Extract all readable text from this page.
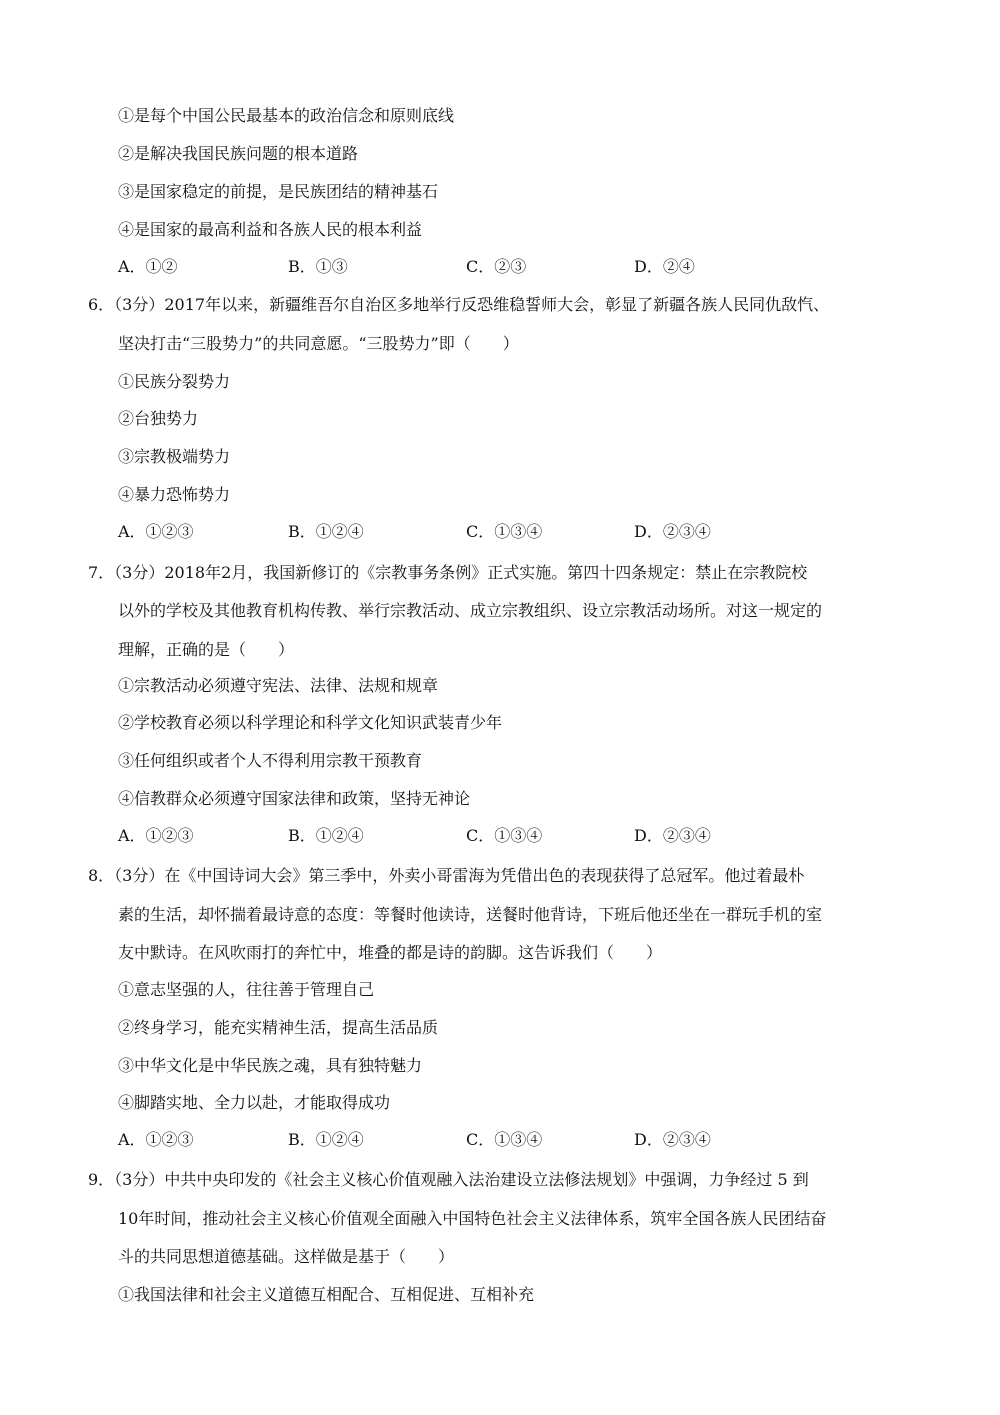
①是每个中国公民最基本的政治信念和原则底线
②是解决我国民族问题的根本道路
③是国家稳定的前提，是民族团结的精神基石
④是国家的最高利益和各族人民的根本利益
A．①②	B．①③	C．②③	D．②④
6．（3分）2017年以来，新疆维吾尔自治区多地举行反恐维稳誓师大会，彰显了新疆各族人民同仇敌忾、
坚决打击“三股势力”的共同意愿。“三股势力”即（　　）
①民族分裂势力
②台独势力
③宗教极端势力
④暴力恐怖势力
A．①②③	B．①②④	C．①③④	D．②③④
7．（3分）2018年2月，我国新修订的《宗教事务条例》正式实施。第四十四条规定：禁止在宗教院校
以外的学校及其他教育机构传教、举行宗教活动、成立宗教组织、设立宗教活动场所。对这一规定的
理解，正确的是（　　）
①宗教活动必须遵守宪法、法律、法规和规章
②学校教育必须以科学理论和科学文化知识武装青少年
③任何组织或者个人不得利用宗教干预教育
④信教群众必须遵守国家法律和政策，坚持无神论
A．①②③	B．①②④	C．①③④	D．②③④
8．（3分）在《中国诗词大会》第三季中，外卖小哥雷海为凭借出色的表现获得了总冠军。他过着最朴
素的生活，却怀揣着最诗意的态度：等餐时他读诗，送餐时他背诗，下班后他还坐在一群玩手机的室
友中默诗。在风吹雨打的奔忙中，堆叠的都是诗的韵脚。这告诉我们（　　）
①意志坚强的人，往往善于管理自己
②终身学习，能充实精神生活，提高生活品质
③中华文化是中华民族之魂，具有独特魅力
④脚踏实地、全力以赴，才能取得成功
A．①②③	B．①②④	C．①③④	D．②③④
9．（3分）中共中央印发的《社会主义核心价值观融入法治建设立法修法规划》中强调，力争经过 5 到
10年时间，推动社会主义核心价值观全面融入中国特色社会主义法律体系，筑牢全国各族人民团结奋
斗的共同思想道德基础。这样做是基于（　　）
①我国法律和社会主义道德互相配合、互相促进、互相补充
